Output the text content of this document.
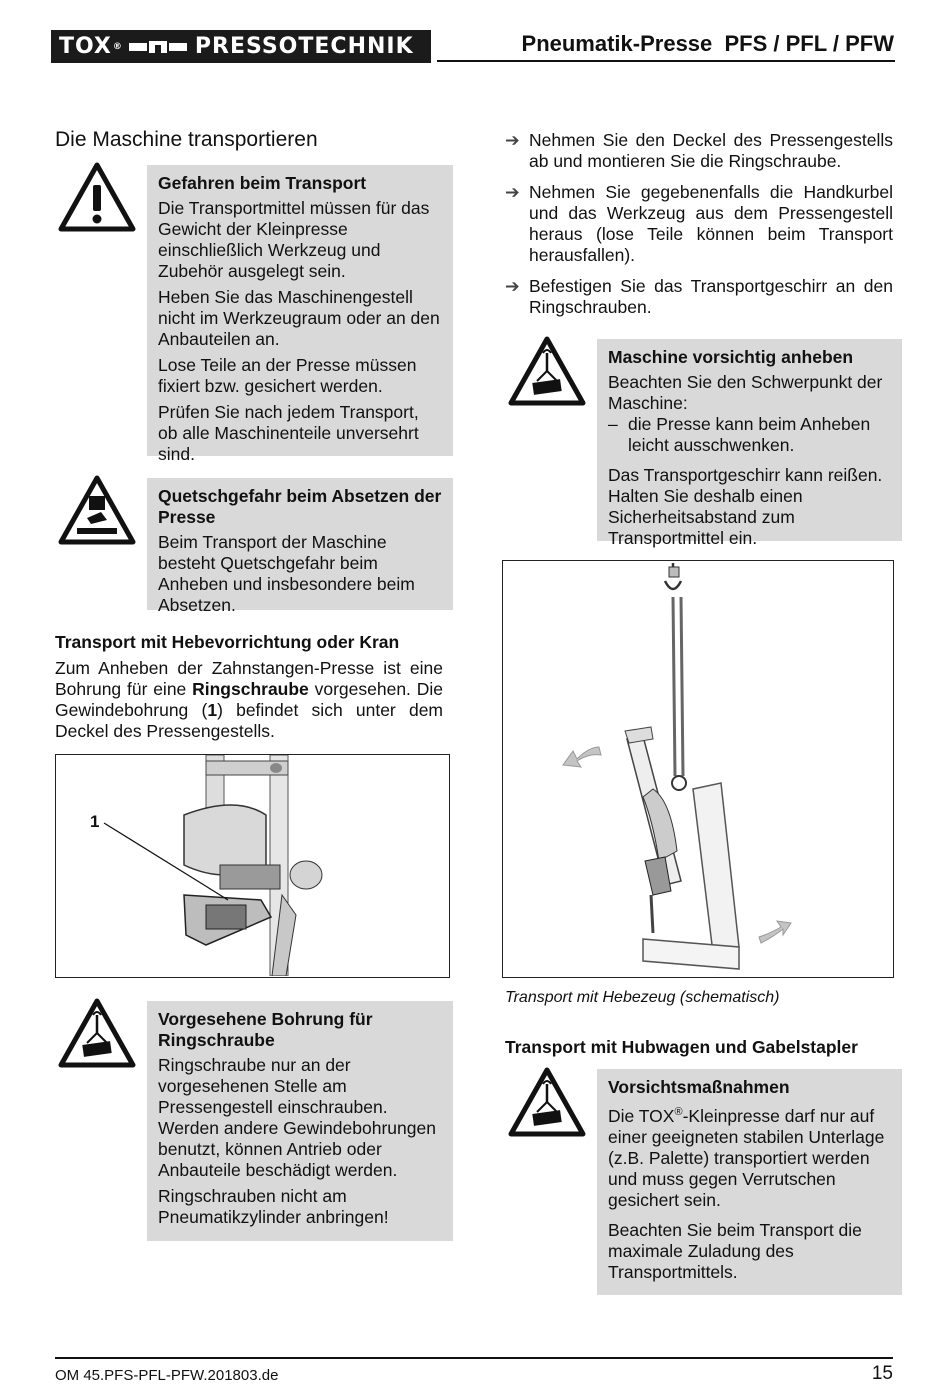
TOX ®	PRESSOTECHNIK	Pneumatik-Presse  PFS / PFL / PFW
Die Maschine transportieren
Gefahren beim Transport
Die Transportmittel müssen für das Gewicht der Kleinpresse einschließlich Werkzeug und Zubehör ausgelegt sein.
Heben Sie das Maschinengestell nicht im Werkzeugraum oder an den Anbauteilen an.
Lose Teile an der Presse müssen fixiert bzw. gesichert werden.
Prüfen Sie nach jedem Transport, ob alle Maschinenteile unversehrt sind.
Quetschgefahr beim Absetzen der Presse
Beim Transport der Maschine besteht Quetschgefahr beim Anheben und insbesondere beim Absetzen.
Transport mit Hebevorrichtung oder Kran
Zum Anheben der Zahnstangen-Presse ist eine Bohrung für eine Ringschraube vorgesehen. Die Gewindebohrung (1) befindet sich unter dem Deckel des Pressengestells.
1
Vorgesehene Bohrung für Ringschraube
Ringschraube nur an der vorgesehenen Stelle am Pressengestell einschrauben. Werden andere Gewindebohrungen benutzt, können Antrieb oder Anbauteile beschädigt werden.
Ringschrauben nicht am Pneumatikzylinder anbringen!
➔ Nehmen Sie den Deckel des Pressengestells ab und montieren Sie die Ringschraube.
➔ Nehmen Sie gegebenenfalls die Handkurbel und das Werkzeug aus dem Pressengestell heraus (lose Teile können beim Transport herausfallen).
➔ Befestigen Sie das Transportgeschirr an den Ringschrauben.
Maschine vorsichtig anheben
Beachten Sie den Schwerpunkt der Maschine:
– die Presse kann beim Anheben leicht ausschwenken.
Das Transportgeschirr kann reißen. Halten Sie deshalb einen Sicherheitsabstand zum Transportmittel ein.
Transport mit Hebezeug (schematisch)
Transport mit Hubwagen und Gabelstapler
Vorsichtsmaßnahmen
Die TOX®-Kleinpresse darf nur auf einer geeigneten stabilen Unterlage (z.B. Palette) transportiert werden und muss gegen Verrutschen gesichert sein.
Beachten Sie beim Transport die maximale Zuladung des Transportmittels.
OM 45.PFS-PFL-PFW.201803.de	15
